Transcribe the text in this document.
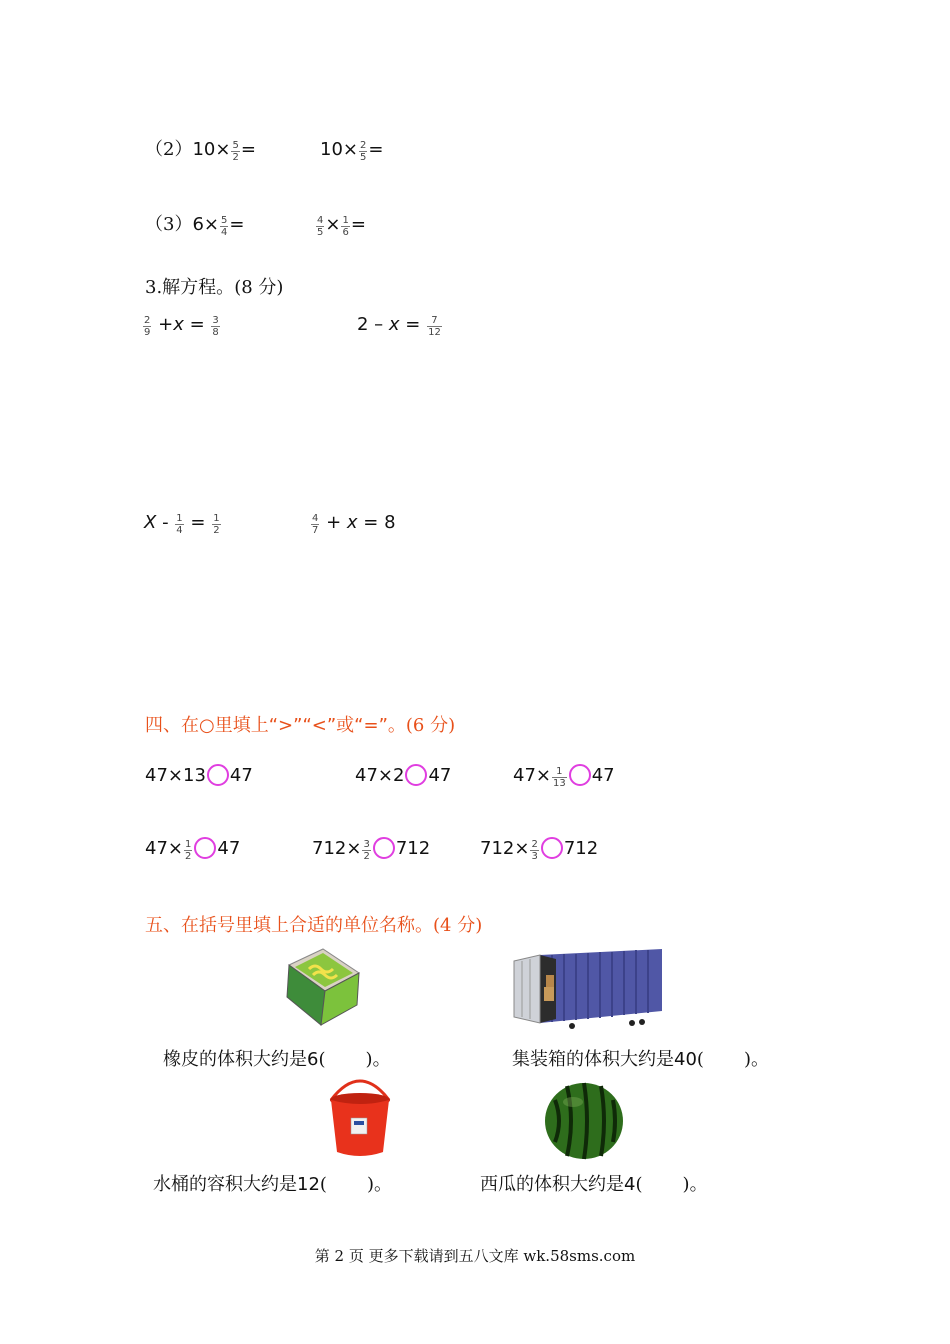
（2） $10\times \frac{5}{2}$ =	$10\times \frac{2}{5}$ =
（3） $6\times \frac{5}{4}$ =	$\frac{4}{5} \times \frac{1}{6}$ =
3.解方程。(8 分)
$\frac{2}{9} + x = \frac{3}{8}$	$2 - x = \frac{7}{12}$
$X - \frac{1}{4} = \frac{1}{2}$	$\frac{4}{7} + x = 8$
四、在○里填上“>”“<”或“=”。(6 分)
47×13 47	47×2 47	$47\times \frac{1}{13} 47$
$47\times \frac{1}{2} 47$	$712\times \frac{3}{2} 712$	$712\times \frac{2}{3} 712$
五、在括号里填上合适的单位名称。(4 分)
橡皮的体积大约是6(       )。	集装箱的体积大约是40(       )。
水桶的容积大约是12(       )。	西瓜的体积大约是4(       )。
第 2 页 更多下载请到五八文库 wk.58sms.com
